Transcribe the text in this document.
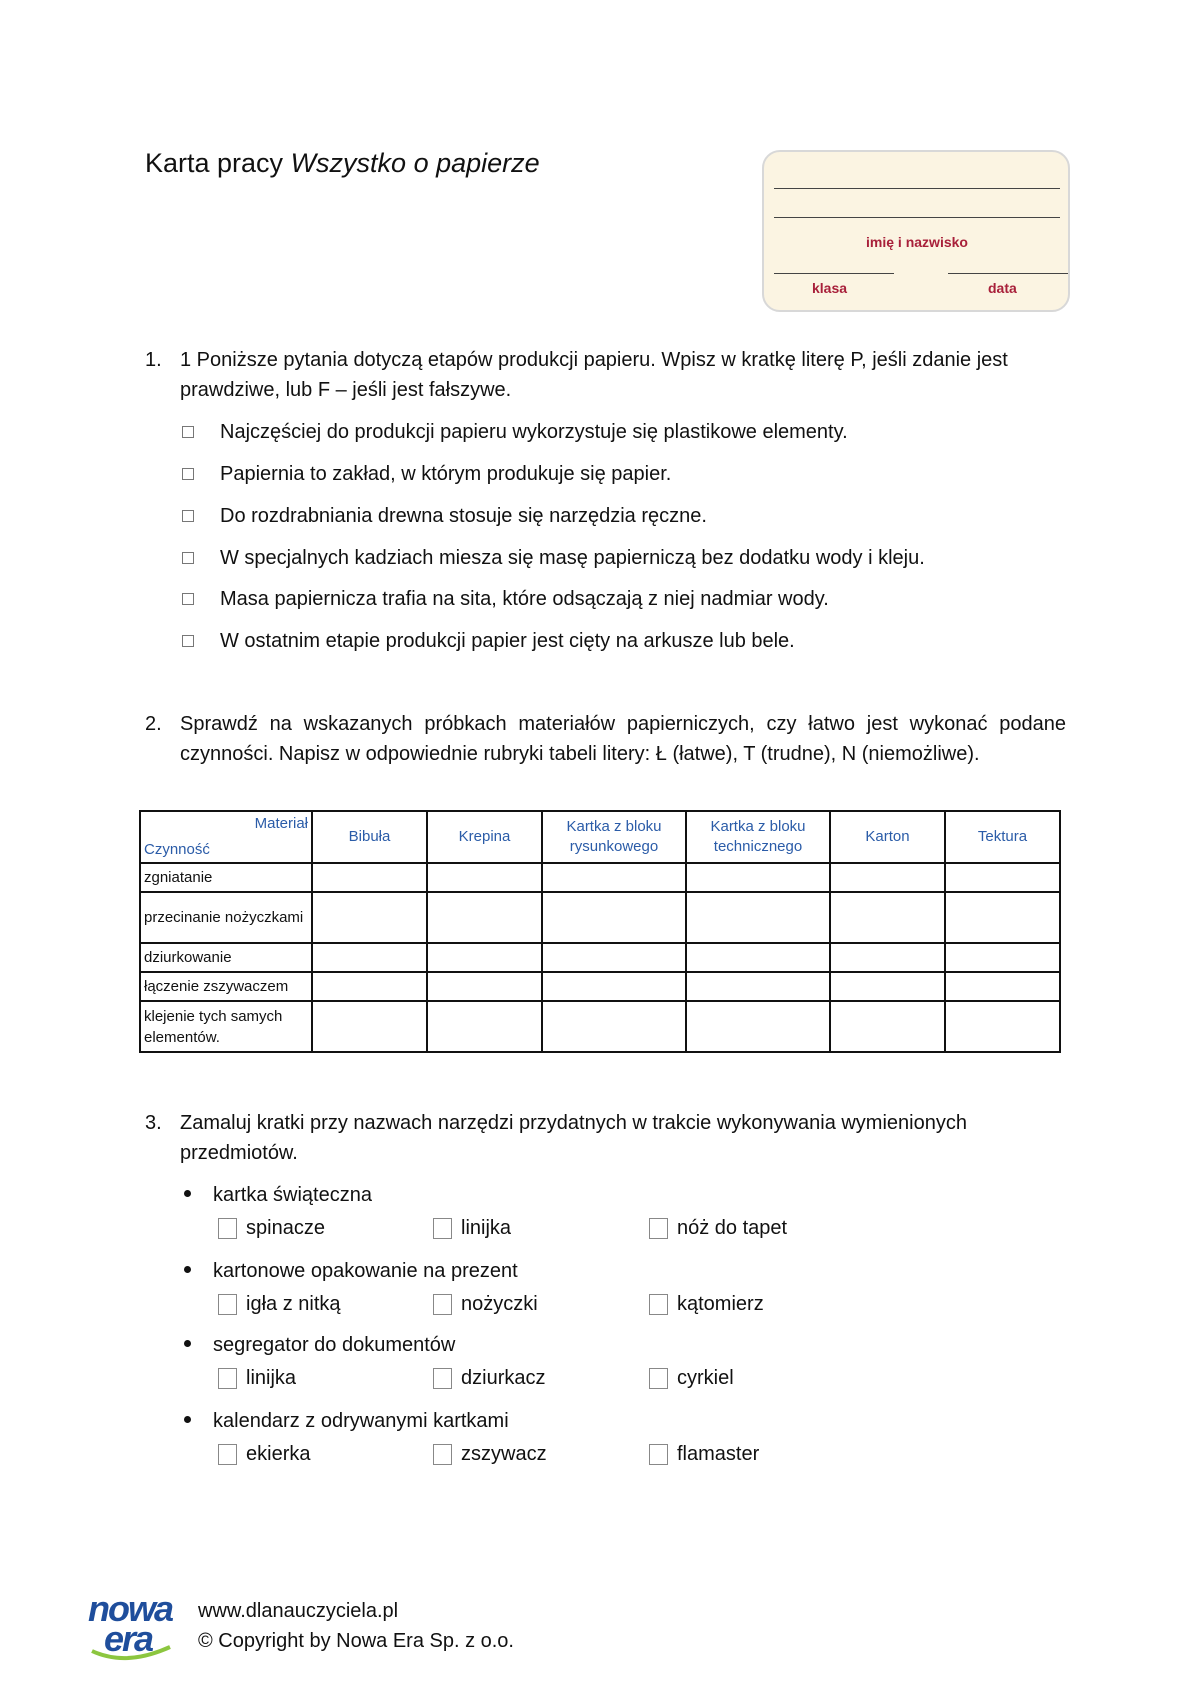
Karta pracy Wszystko o papierze
imię i nazwisko
klasa	data
1. 1 Poniższe pytania dotyczą etapów produkcji papieru. Wpisz w kratkę literę P, jeśli zdanie jest prawdziwe, lub F – jeśli jest fałszywe.
Najczęściej do produkcji papieru wykorzystuje się plastikowe elementy.
Papiernia to zakład, w którym produkuje się papier.
Do rozdrabniania drewna stosuje się narzędzia ręczne.
W specjalnych kadziach miesza się masę papierniczą bez dodatku wody i kleju.
Masa papiernicza trafia na sita, które odsączają z niej nadmiar wody.
W ostatnim etapie produkcji papier jest cięty na arkusze lub bele.
2. Sprawdź na wskazanych próbkach materiałów papierniczych, czy łatwo jest wykonać podane czynności. Napisz w odpowiednie rubryki tabeli litery: Ł (łatwe), T (trudne), N (niemożliwe).
Materiał
Czynność	Bibuła	Krepina	Kartka z bloku rysunkowego	Kartka z bloku technicznego	Karton	Tektura
zgniatanie						
przecinanie nożyczkami						
dziurkowanie						
łączenie zszywaczem						
klejenie tych samych elementów.						
3. Zamaluj kratki przy nazwach narzędzi przydatnych w trakcie wykonywania wymienionych przedmiotów.
kartka świąteczna
spinacze	linijka	nóż do tapet
kartonowe opakowanie na prezent
igła z nitką	nożyczki	kątomierz
segregator do dokumentów
linijka	dziurkacz	cyrkiel
kalendarz z odrywanymi kartkami
ekierka	zszywacz	flamaster
nowa
era
www.dlanauczyciela.pl
© Copyright by Nowa Era Sp. z o.o.
